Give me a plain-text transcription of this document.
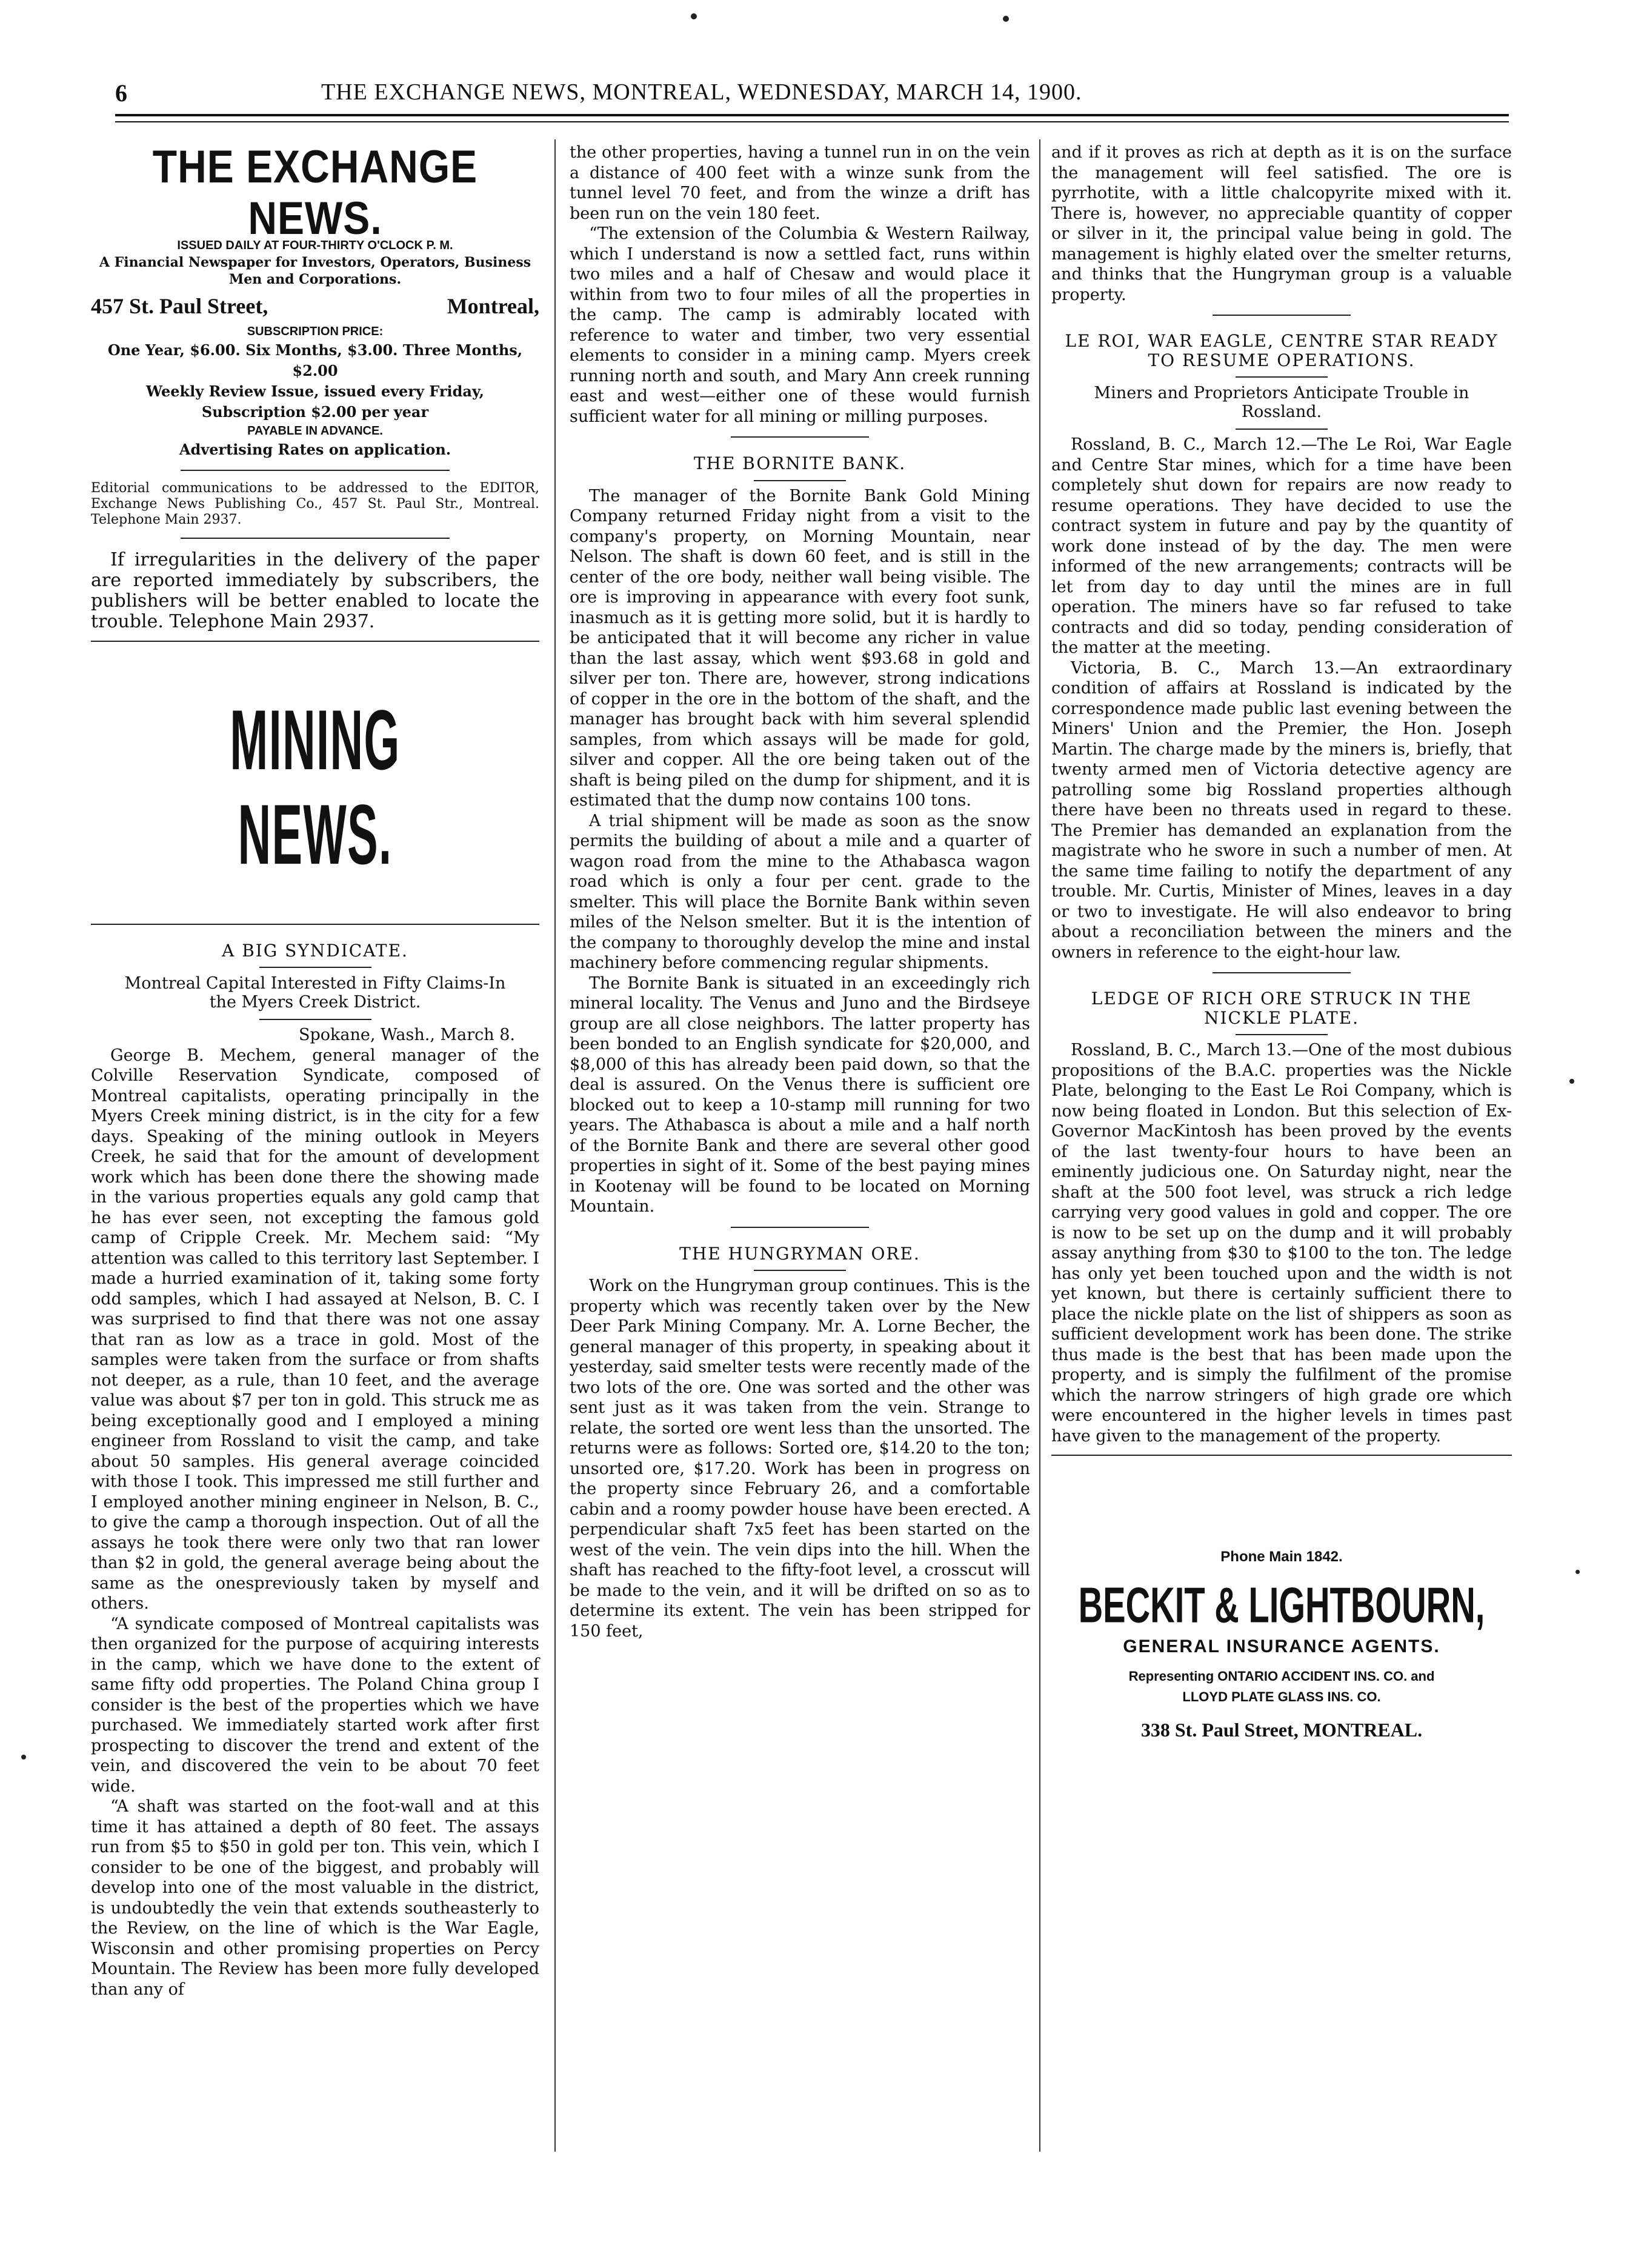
6	THE EXCHANGE NEWS, MONTREAL, WEDNESDAY, MARCH 14, 1900.
THE EXCHANGE NEWS.

ISSUED DAILY AT FOUR-THIRTY O'CLOCK P. M.

A Financial Newspaper for Investors, Operators, Business Men and Corporations.

457 St. Paul Street,	Montreal,

SUBSCRIPTION PRICE:

One Year, $6.00. Six Months, $3.00. Three Months, $2.00
Weekly Review Issue, issued every Friday,
Subscription $2.00 per year

PAYABLE IN ADVANCE.

Advertising Rates on application.

Editorial communications to be addressed to the EDITOR, Exchange News Publishing Co., 457 St. Paul Str., Montreal. Telephone Main 2937.

If irregularities in the delivery of the paper are reported immediately by subscribers, the publishers will be better enabled to locate the trouble. Telephone Main 2937.

MINING NEWS.

A BIG SYNDICATE.

Montreal Capital Interested in Fifty Claims-In the Myers Creek District.

Spokane, Wash., March 8.

George B. Mechem, general manager of the Colville Reservation Syndicate, composed of Montreal capitalists, operating principally in the Myers Creek mining district, is in the city for a few days. Speaking of the mining outlook in Meyers Creek, he said that for the amount of development work which has been done there the showing made in the various properties equals any gold camp that he has ever seen, not excepting the famous gold camp of Cripple Creek. Mr. Mechem said: “My attention was called to this territory last September. I made a hurried examination of it, taking some forty odd samples, which I had assayed at Nelson, B. C. I was surprised to find that there was not one assay that ran as low as a trace in gold. Most of the samples were taken from the surface or from shafts not deeper, as a rule, than 10 feet, and the average value was about $7 per ton in gold. This struck me as being exceptionally good and I employed a mining engineer from Rossland to visit the camp, and take about 50 samples. His general average coincided with those I took. This impressed me still further and I employed another mining engineer in Nelson, B. C., to give the camp a thorough inspection. Out of all the assays he took there were only two that ran lower than $2 in gold, the general average being about the same as the onespreviously taken by myself and others.

“A syndicate composed of Montreal capitalists was then organized for the purpose of acquiring interests in the camp, which we have done to the extent of same fifty odd properties. The Poland China group I consider is the best of the properties which we have purchased. We immediately started work after first prospecting to discover the trend and extent of the vein, and discovered the vein to be about 70 feet wide.

“A shaft was started on the foot-wall and at this time it has attained a depth of 80 feet. The assays run from $5 to $50 in gold per ton. This vein, which I consider to be one of the biggest, and probably will develop into one of the most valuable in the district, is undoubtedly the vein that extends southeasterly to the Review, on the line of which is the War Eagle, Wisconsin and other promising properties on Percy Mountain. The Review has been more fully developed than any of

the other properties, having a tunnel run in on the vein a distance of 400 feet with a winze sunk from the tunnel level 70 feet, and from the winze a drift has been run on the vein 180 feet.

“The extension of the Columbia & Western Railway, which I understand is now a settled fact, runs within two miles and a half of Chesaw and would place it within from two to four miles of all the properties in the camp. The camp is admirably located with reference to water and timber, two very essential elements to consider in a mining camp. Myers creek running north and south, and Mary Ann creek running east and west—either one of these would furnish sufficient water for all mining or milling purposes.

THE BORNITE BANK.

The manager of the Bornite Bank Gold Mining Company returned Friday night from a visit to the company's property, on Morning Mountain, near Nelson. The shaft is down 60 feet, and is still in the center of the ore body, neither wall being visible. The ore is improving in appearance with every foot sunk, inasmuch as it is getting more solid, but it is hardly to be anticipated that it will become any richer in value than the last assay, which went $93.68 in gold and silver per ton. There are, however, strong indications of copper in the ore in the bottom of the shaft, and the manager has brought back with him several splendid samples, from which assays will be made for gold, silver and copper. All the ore being taken out of the shaft is being piled on the dump for shipment, and it is estimated that the dump now contains 100 tons.

A trial shipment will be made as soon as the snow permits the building of about a mile and a quarter of wagon road from the mine to the Athabasca wagon road which is only a four per cent. grade to the smelter. This will place the Bornite Bank within seven miles of the Nelson smelter. But it is the intention of the company to thoroughly develop the mine and instal machinery before commencing regular shipments.

The Bornite Bank is situated in an exceedingly rich mineral locality. The Venus and Juno and the Birdseye group are all close neighbors. The latter property has been bonded to an English syndicate for $20,000, and $8,000 of this has already been paid down, so that the deal is assured. On the Venus there is sufficient ore blocked out to keep a 10-stamp mill running for two years. The Athabasca is about a mile and a half north of the Bornite Bank and there are several other good properties in sight of it. Some of the best paying mines in Kootenay will be found to be located on Morning Mountain.

THE HUNGRYMAN ORE.

Work on the Hungryman group continues. This is the property which was recently taken over by the New Deer Park Mining Company. Mr. A. Lorne Becher, the general manager of this property, in speaking about it yesterday, said smelter tests were recently made of the two lots of the ore. One was sorted and the other was sent just as it was taken from the vein. Strange to relate, the sorted ore went less than the unsorted. The returns were as follows: Sorted ore, $14.20 to the ton; unsorted ore, $17.20. Work has been in progress on the property since February 26, and a comfortable cabin and a roomy powder house have been erected. A perpendicular shaft 7x5 feet has been started on the west of the vein. The vein dips into the hill. When the shaft has reached to the fifty-foot level, a crosscut will be made to the vein, and it will be drifted on so as to determine its extent. The vein has been stripped for 150 feet,

and if it proves as rich at depth as it is on the surface the management will feel satisfied. The ore is pyrrhotite, with a little chalcopyrite mixed with it. There is, however, no appreciable quantity of copper or silver in it, the principal value being in gold. The management is highly elated over the smelter returns, and thinks that the Hungryman group is a valuable property.

LE ROI, WAR EAGLE, CENTRE STAR READY TO RESUME OPERATIONS.

Miners and Proprietors Anticipate Trouble in Rossland.

Rossland, B. C., March 12.—The Le Roi, War Eagle and Centre Star mines, which for a time have been completely shut down for repairs are now ready to resume operations. They have decided to use the contract system in future and pay by the quantity of work done instead of by the day. The men were informed of the new arrangements; contracts will be let from day to day until the mines are in full operation. The miners have so far refused to take contracts and did so today, pending consideration of the matter at the meeting.

Victoria, B. C., March 13.—An extraordinary condition of affairs at Rossland is indicated by the correspondence made public last evening between the Miners' Union and the Premier, the Hon. Joseph Martin. The charge made by the miners is, briefly, that twenty armed men of Victoria detective agency are patrolling some big Rossland properties although there have been no threats used in regard to these. The Premier has demanded an explanation from the magistrate who he swore in such a number of men. At the same time failing to notify the department of any trouble. Mr. Curtis, Minister of Mines, leaves in a day or two to investigate. He will also endeavor to bring about a reconciliation between the miners and the owners in reference to the eight-hour law.

LEDGE OF RICH ORE STRUCK IN THE NICKLE PLATE.

Rossland, B. C., March 13.—One of the most dubious propositions of the B.A.C. properties was the Nickle Plate, belonging to the East Le Roi Company, which is now being floated in London. But this selection of Ex-Governor MacKintosh has been proved by the events of the last twenty-four hours to have been an eminently judicious one. On Saturday night, near the shaft at the 500 foot level, was struck a rich ledge carrying very good values in gold and copper. The ore is now to be set up on the dump and it will probably assay anything from $30 to $100 to the ton. The ledge has only yet been touched upon and the width is not yet known, but there is certainly sufficient there to place the nickle plate on the list of shippers as soon as sufficient development work has been done. The strike thus made is the best that has been made upon the property, and is simply the fulfilment of the promise which the narrow stringers of high grade ore which were encountered in the higher levels in times past have given to the management of the property.

Phone Main 1842.
BECKIT & LIGHTBOURN,
GENERAL INSURANCE AGENTS.
Representing ONTARIO ACCIDENT INS. CO. and
LLOYD PLATE GLASS INS. CO.
338 St. Paul Street, MONTREAL.
